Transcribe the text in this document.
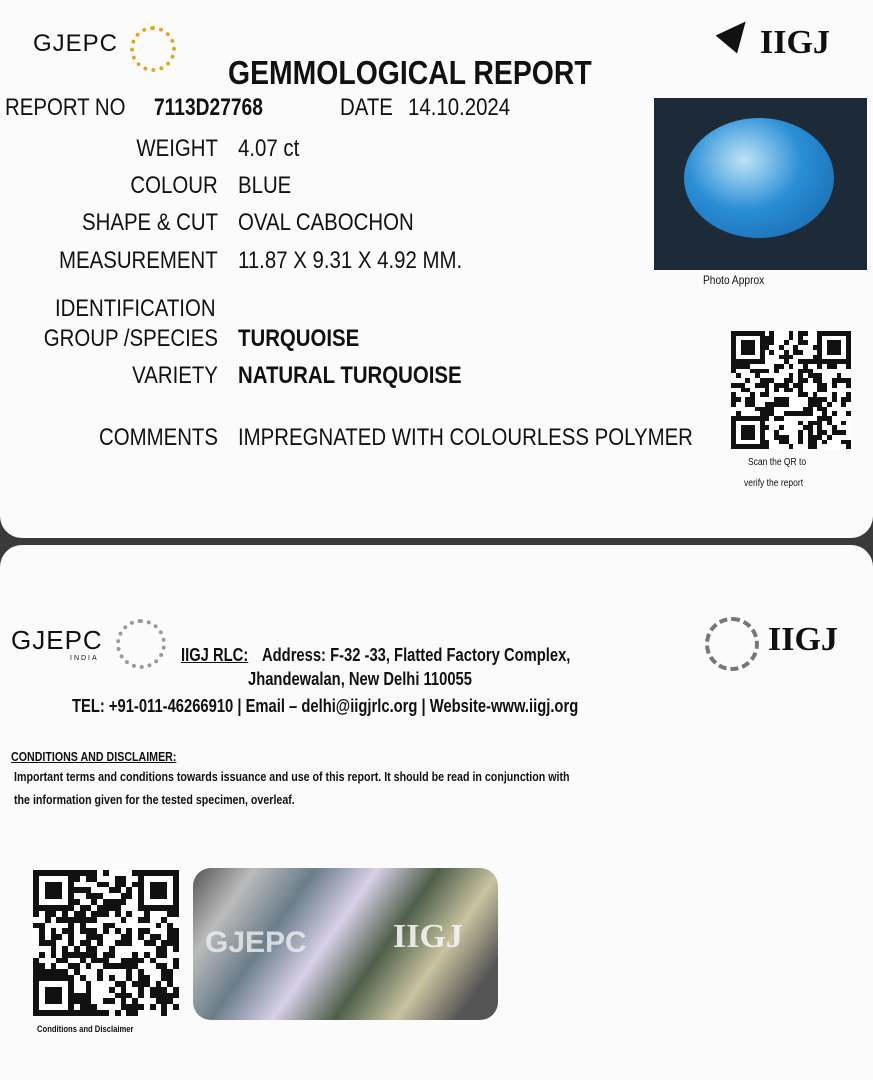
GJEPC	IIGJ
GEMMOLOGICAL REPORT
REPORT NO 7113D27768	DATE 14.10.2024
WEIGHT 4.07 ct
COLOUR BLUE
SHAPE & CUT OVAL CABOCHON
MEASUREMENT 11.87 X 9.31 X 4.92 MM.
IDENTIFICATION
GROUP /SPECIES TURQUOISE
VARIETY NATURAL TURQUOISE
COMMENTS IMPREGNATED WITH COLOURLESS POLYMER
Photo Approx
Scan the QR to
verify the report
GJEPC
INDIA
IIGJ
IIGJ RLC: Address: F-32 -33, Flatted Factory Complex,
Jhandewalan, New Delhi 110055
TEL: +91-011-46266910 | Email – delhi@iigjrlc.org | Website-www.iigj.org
CONDITIONS AND DISCLAIMER:
Important terms and conditions towards issuance and use of this report. It should be read in conjunction with
the information given for the tested specimen, overleaf.
Conditions and Disclaimer
GJEPC	IIGJ
